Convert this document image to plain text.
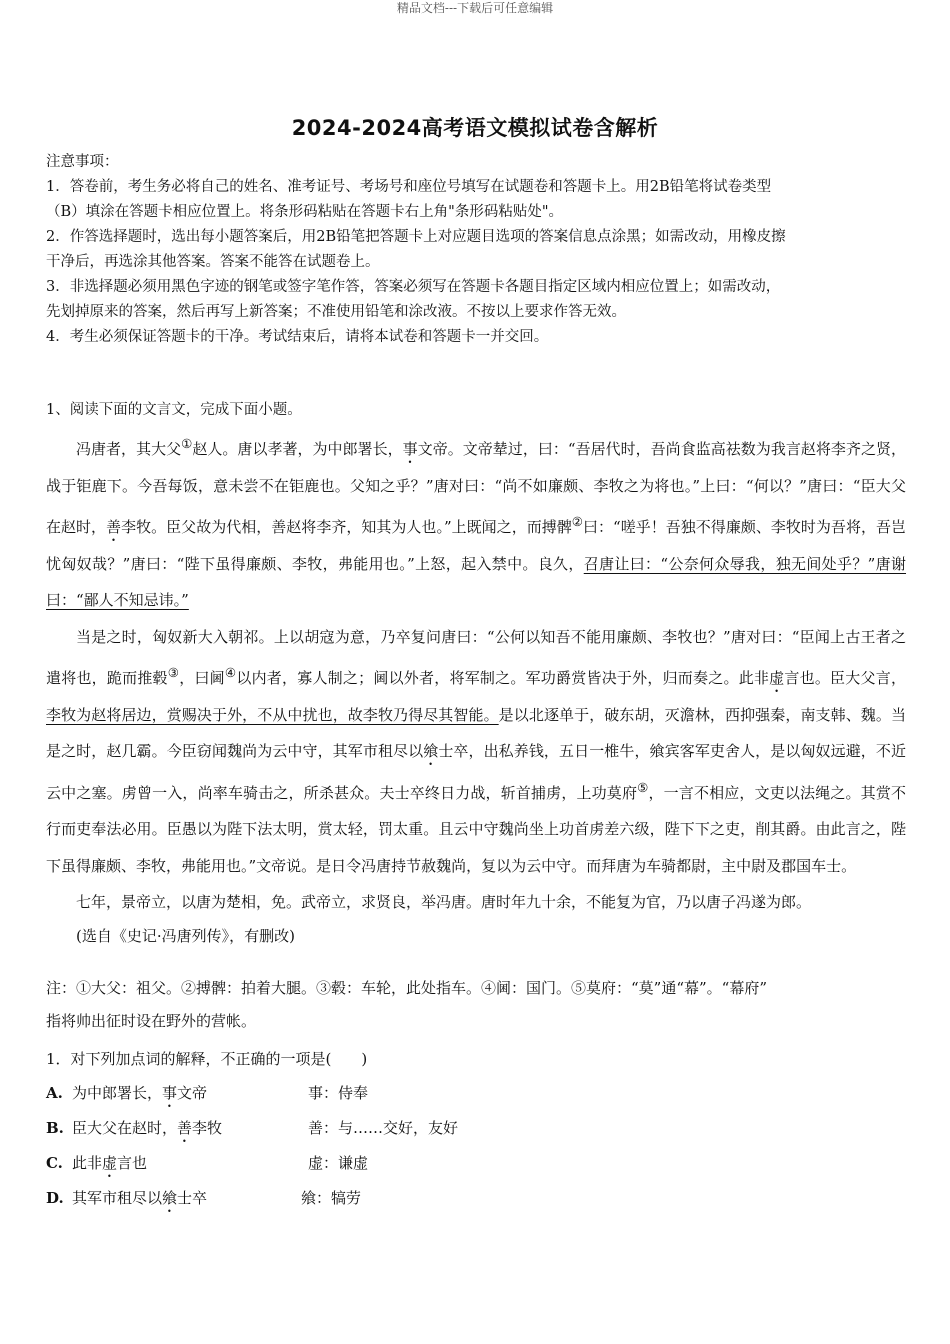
精品文档---下载后可任意编辑
2024-2024高考语文模拟试卷含解析

注意事项：

1．答卷前，考生务必将自己的姓名、准考证号、考场号和座位号填写在试题卷和答题卡上。用2B铅笔将试卷类型

（B）填涂在答题卡相应位置上。将条形码粘贴在答题卡右上角"条形码粘贴处"。

2．作答选择题时，选出每小题答案后，用2B铅笔把答题卡上对应题目选项的答案信息点涂黑；如需改动，用橡皮擦

干净后，再选涂其他答案。答案不能答在试题卷上。

3．非选择题必须用黑色字迹的钢笔或签字笔作答，答案必须写在答题卡各题目指定区域内相应位置上；如需改动，

先划掉原来的答案，然后再写上新答案；不准使用铅笔和涂改液。不按以上要求作答无效。

4．考生必须保证答题卡的干净。考试结束后，请将本试卷和答题卡一并交回。

1、阅读下面的文言文，完成下面小题。

冯唐者，其大父①赵人。唐以孝著，为中郎署长，事文帝。文帝辇过，曰：“吾居代时，吾尚食监高祛数为我言赵将李齐之贤，战于钜鹿下。今吾每饭，意未尝不在钜鹿也。父知之乎？”唐对曰：“尚不如廉颇、李牧之为将也。”上曰：“何以？”唐曰：“臣大父在赵时，善李牧。臣父故为代相，善赵将李齐，知其为人也。”上既闻之，而搏髀②曰：“嗟乎！吾独不得廉颇、李牧时为吾将，吾岂忧匈奴哉？”唐曰：“陛下虽得廉颇、李牧，弗能用也。”上怒，起入禁中。良久，召唐让曰：“公奈何众辱我，独无间处乎？”唐谢曰：“鄙人不知忌讳。”

当是之时，匈奴新大入朝祁。上以胡寇为意，乃卒复问唐曰：“公何以知吾不能用廉颇、李牧也？”唐对曰：“臣闻上古王者之遣将也，跪而推毂③，曰阃④以内者，寡人制之；阃以外者，将军制之。军功爵赏皆决于外，归而奏之。此非虚言也。臣大父言，李牧为赵将居边，赏赐决于外，不从中扰也，故李牧乃得尽其智能。是以北逐单于，破东胡，灭澹林，西抑强秦，南支韩、魏。当是之时，赵几霸。今臣窃闻魏尚为云中守，其军市租尽以飨士卒，出私养钱，五日一椎牛，飨宾客军吏舍人，是以匈奴远避，不近云中之塞。虏曾一入，尚率车骑击之，所杀甚众。夫士卒终日力战，斩首捕虏，上功莫府⑤，一言不相应，文吏以法绳之。其赏不行而吏奉法必用。臣愚以为陛下法太明，赏太轻，罚太重。且云中守魏尚坐上功首虏差六级，陛下下之吏，削其爵。由此言之，陛下虽得廉颇、李牧，弗能用也。”文帝说。是日令冯唐持节赦魏尚，复以为云中守。而拜唐为车骑都尉，主中尉及郡国车士。

七年，景帝立，以唐为楚相，免。武帝立，求贤良，举冯唐。唐时年九十余，不能复为官，乃以唐子冯遂为郎。

(选自《史记·冯唐列传》，有删改)

注：①大父：祖父。②搏髀：拍着大腿。③毂：车轮，此处指车。④阃：国门。⑤莫府：“莫”通“幕”。“幕府”

指将帅出征时设在野外的营帐。

1．对下列加点词的解释，不正确的一项是(　　)
A. 为中郎署长，事文帝	事：侍奉
B. 臣大父在赵时，善李牧	善：与……交好，友好
C. 此非虚言也	虚：谦虚
D. 其军市租尽以飨士卒	飨：犒劳
